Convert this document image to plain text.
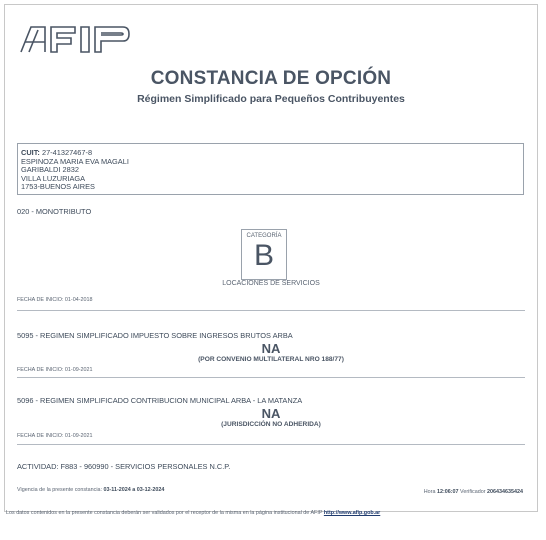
CONSTANCIA DE OPCIÓN
Régimen Simplificado para Pequeños Contribuyentes
CUIT: 27-41327467-8
ESPINOZA MARIA EVA MAGALI
GARIBALDI 2832
VILLA LUZURIAGA
1753-BUENOS AIRES
020 - MONOTRIBUTO
CATEGORÍA
B
LOCACIONES DE SERVICIOS
FECHA DE INICIO: 01-04-2018
5095 - REGIMEN SIMPLIFICADO IMPUESTO SOBRE INGRESOS BRUTOS ARBA
NA
(POR CONVENIO MULTILATERAL NRO 188/77)
FECHA DE INICIO: 01-09-2021
5096 - REGIMEN SIMPLIFICADO CONTRIBUCION MUNICIPAL ARBA - LA MATANZA
NA
(JURISDICCIÓN NO ADHERIDA)
FECHA DE INICIO: 01-09-2021
ACTIVIDAD: F883 - 960990 - SERVICIOS PERSONALES N.C.P.
Vigencia de la presente constancia: 03-11-2024 a 03-12-2024	Hora 12:06:07 Verificador 206434635424
Los datos contenidos en la presente constancia deberán ser validados por el receptor de la misma en la página institucional de AFIP http://www.afip.gob.ar
